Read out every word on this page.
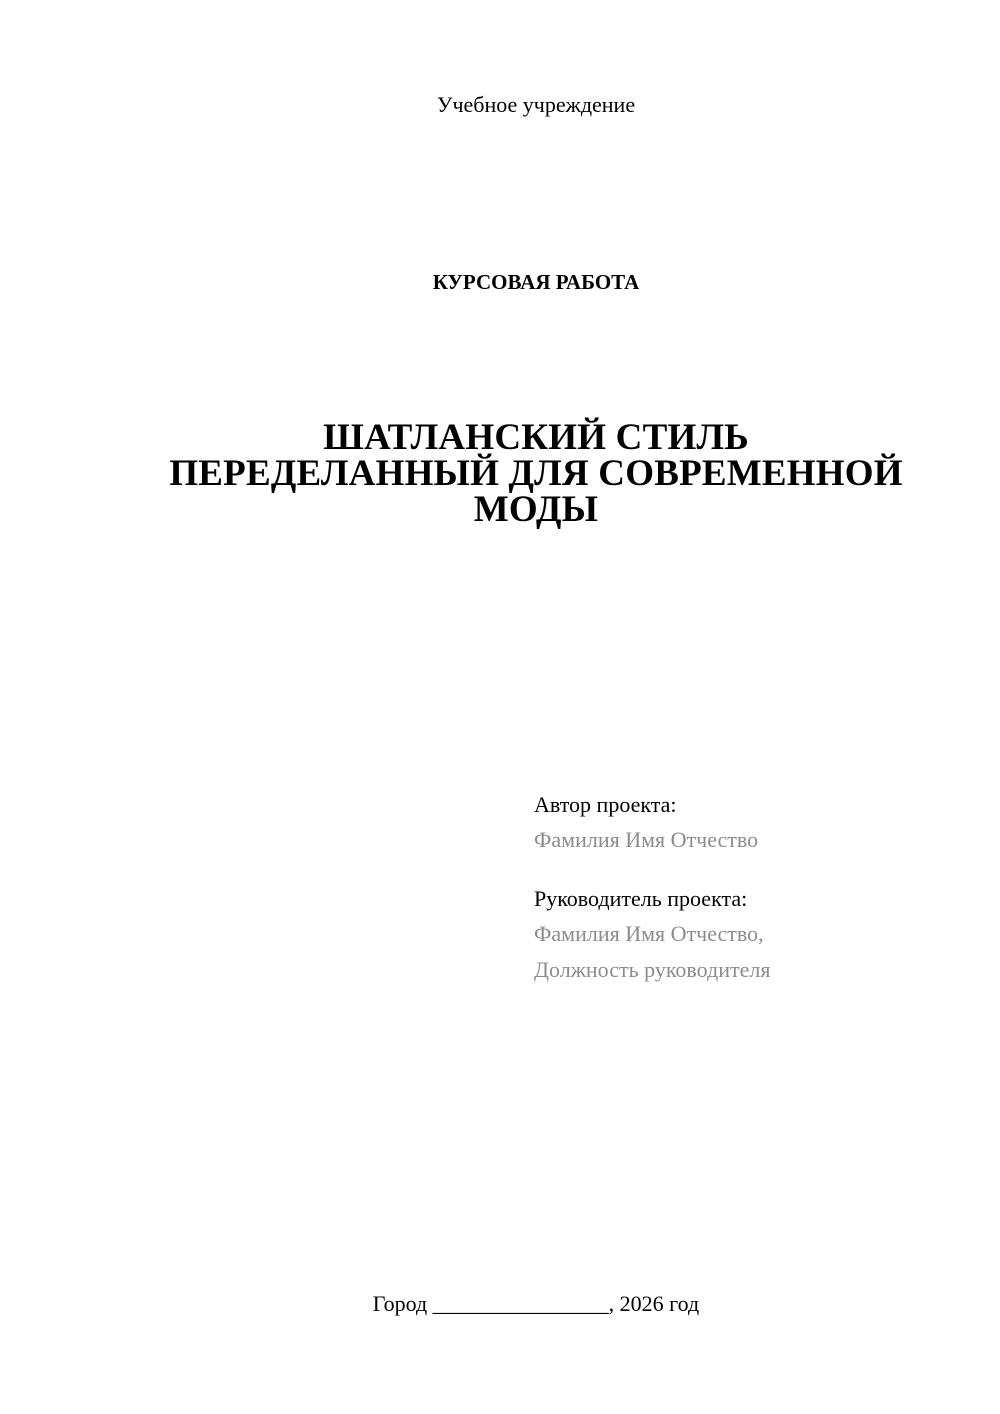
Учебное учреждение
КУРСОВАЯ РАБОТА
ШАТЛАНСКИЙ СТИЛЬ
ПЕРЕДЕЛАННЫЙ ДЛЯ СОВРЕМЕННОЙ
МОДЫ
Автор проекта:
Фамилия Имя Отчество
Руководитель проекта:
Фамилия Имя Отчество,
Должность руководителя
Город ________________, 2026 год
